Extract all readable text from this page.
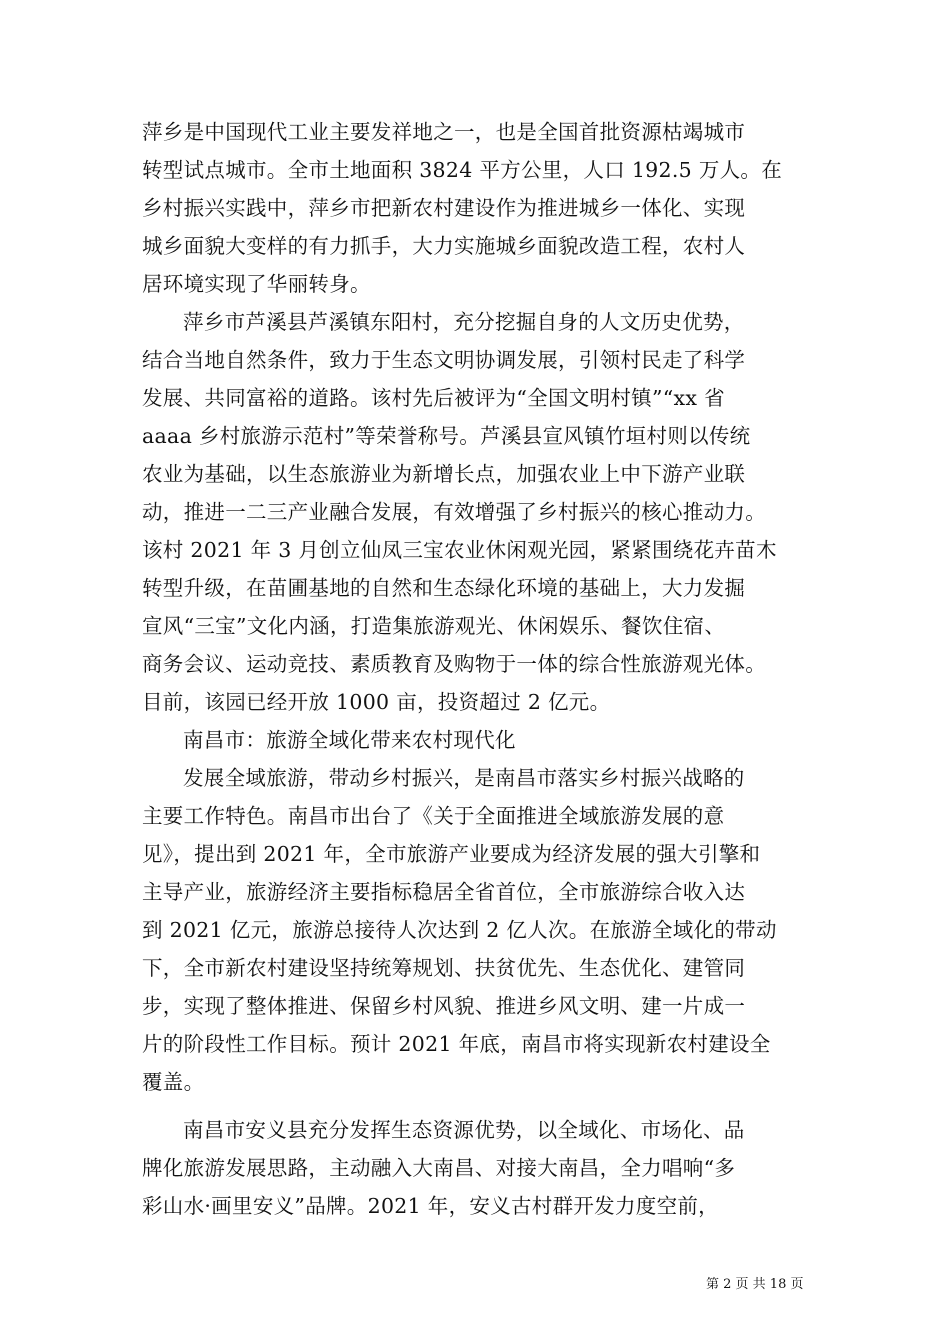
萍乡是中国现代工业主要发祥地之一，也是全国首批资源枯竭城市
转型试点城市。全市土地面积 3824 平方公里，人口 192.5 万人。在
乡村振兴实践中，萍乡市把新农村建设作为推进城乡一体化、实现
城乡面貌大变样的有力抓手，大力实施城乡面貌改造工程，农村人
居环境实现了华丽转身。
萍乡市芦溪县芦溪镇东阳村，充分挖掘自身的人文历史优势，
结合当地自然条件，致力于生态文明协调发展，引领村民走了科学
发展、共同富裕的道路。该村先后被评为“全国文明村镇”“xx 省
aaaa 乡村旅游示范村”等荣誉称号。芦溪县宣风镇竹垣村则以传统
农业为基础，以生态旅游业为新增长点，加强农业上中下游产业联
动，推进一二三产业融合发展，有效增强了乡村振兴的核心推动力。
该村 2021 年 3 月创立仙凤三宝农业休闲观光园，紧紧围绕花卉苗木
转型升级，在苗圃基地的自然和生态绿化环境的基础上，大力发掘
宣风“三宝”文化内涵，打造集旅游观光、休闲娱乐、餐饮住宿、
商务会议、运动竞技、素质教育及购物于一体的综合性旅游观光体。
目前，该园已经开放 1000 亩，投资超过 2 亿元。
南昌市：旅游全域化带来农村现代化
发展全域旅游，带动乡村振兴，是南昌市落实乡村振兴战略的
主要工作特色。南昌市出台了《关于全面推进全域旅游发展的意
见》，提出到 2021 年，全市旅游产业要成为经济发展的强大引擎和
主导产业，旅游经济主要指标稳居全省首位，全市旅游综合收入达
到 2021 亿元，旅游总接待人次达到 2 亿人次。在旅游全域化的带动
下，全市新农村建设坚持统筹规划、扶贫优先、生态优化、建管同
步，实现了整体推进、保留乡村风貌、推进乡风文明、建一片成一
片的阶段性工作目标。预计 2021 年底，南昌市将实现新农村建设全
覆盖。
南昌市安义县充分发挥生态资源优势，以全域化、市场化、品
牌化旅游发展思路，主动融入大南昌、对接大南昌，全力唱响“多
彩山水·画里安义”品牌。2021 年，安义古村群开发力度空前，
第 2 页 共 18 页
